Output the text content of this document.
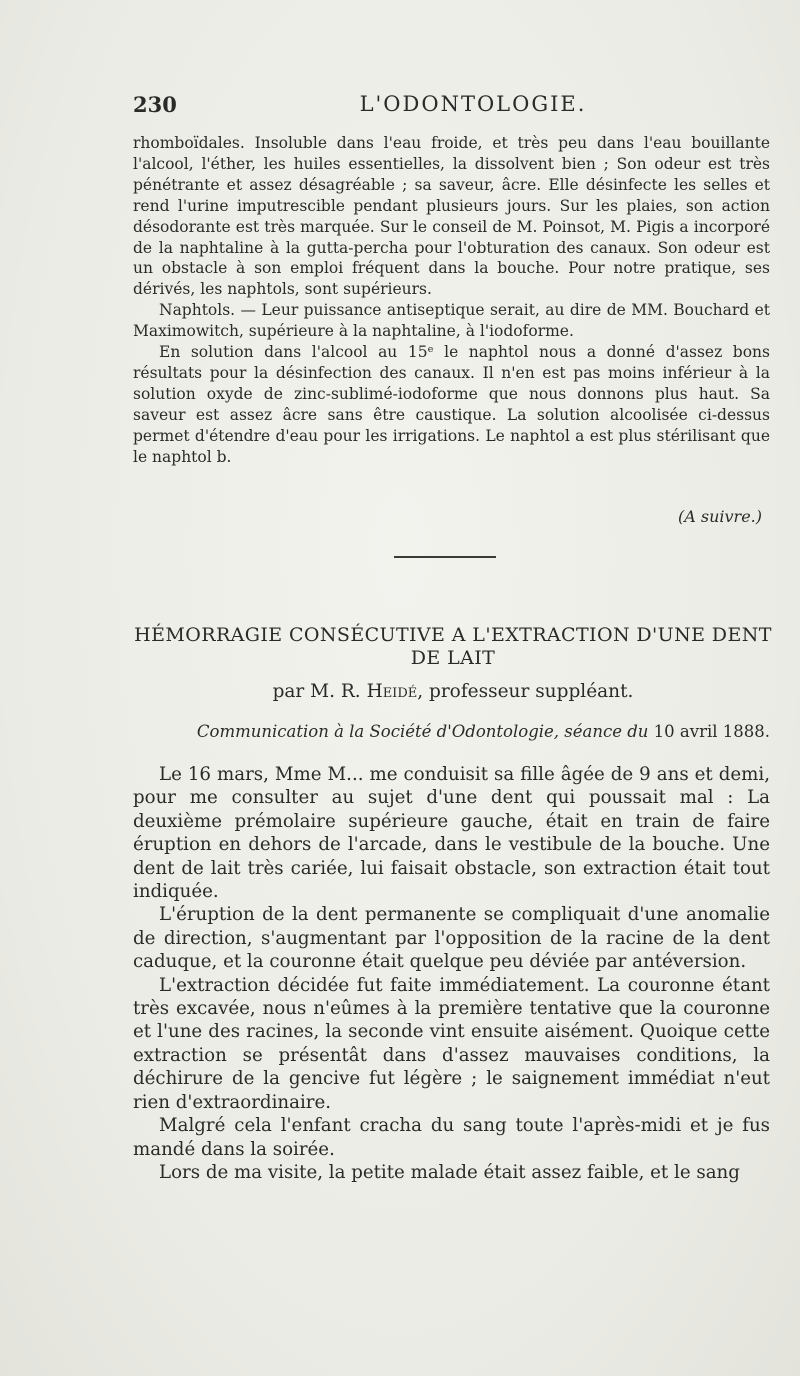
230	L'ODONTOLOGIE.

rhomboïdales. Insoluble dans l'eau froide, et très peu dans l'eau bouillante l'alcool, l'éther, les huiles essentielles, la dissolvent bien ; Son odeur est très pénétrante et assez désagréable ; sa saveur, âcre. Elle désinfecte les selles et rend l'urine imputrescible pendant plusieurs jours. Sur les plaies, son action désodorante est très marquée. Sur le conseil de M. Poinsot, M. Pigis a incorporé de la naphtaline à la gutta-percha pour l'obturation des canaux. Son odeur est un obstacle à son emploi fréquent dans la bouche. Pour notre pratique, ses dérivés, les naphtols, sont supérieurs.

Naphtols. — Leur puissance antiseptique serait, au dire de MM. Bouchard et Maximowitch, supérieure à la naphtaline, à l'iodoforme.

En solution dans l'alcool au 15ᵉ le naphtol nous a donné d'assez bons résultats pour la désinfection des canaux. Il n'en est pas moins inférieur à la solution oxyde de zinc-sublimé-iodoforme que nous donnons plus haut. Sa saveur est assez âcre sans être caustique. La solution alcoolisée ci-dessus permet d'étendre d'eau pour les irrigations. Le naphtol a est plus stérilisant que le naphtol b.

(A suivre.)
HÉMORRAGIE CONSÉCUTIVE A L'EXTRACTION D'UNE DENT DE LAIT
par M. R. Heidé, professeur suppléant.
Communication à la Société d'Odontologie, séance du 10 avril 1888.

Le 16 mars, Mme M... me conduisit sa fille âgée de 9 ans et demi, pour me consulter au sujet d'une dent qui poussait mal : La deuxième prémolaire supérieure gauche, était en train de faire éruption en dehors de l'arcade, dans le vestibule de la bouche. Une dent de lait très cariée, lui faisait obstacle, son extraction était tout indiquée.

L'éruption de la dent permanente se compliquait d'une anomalie de direction, s'augmentant par l'opposition de la racine de la dent caduque, et la couronne était quelque peu déviée par antéversion.

L'extraction décidée fut faite immédiatement. La couronne étant très excavée, nous n'eûmes à la première tentative que la couronne et l'une des racines, la seconde vint ensuite aisément. Quoique cette extraction se présentât dans d'assez mauvaises conditions, la déchirure de la gencive fut légère ; le saignement immédiat n'eut rien d'extraordinaire.

Malgré cela l'enfant cracha du sang toute l'après-midi et je fus mandé dans la soirée.

Lors de ma visite, la petite malade était assez faible, et le sang
